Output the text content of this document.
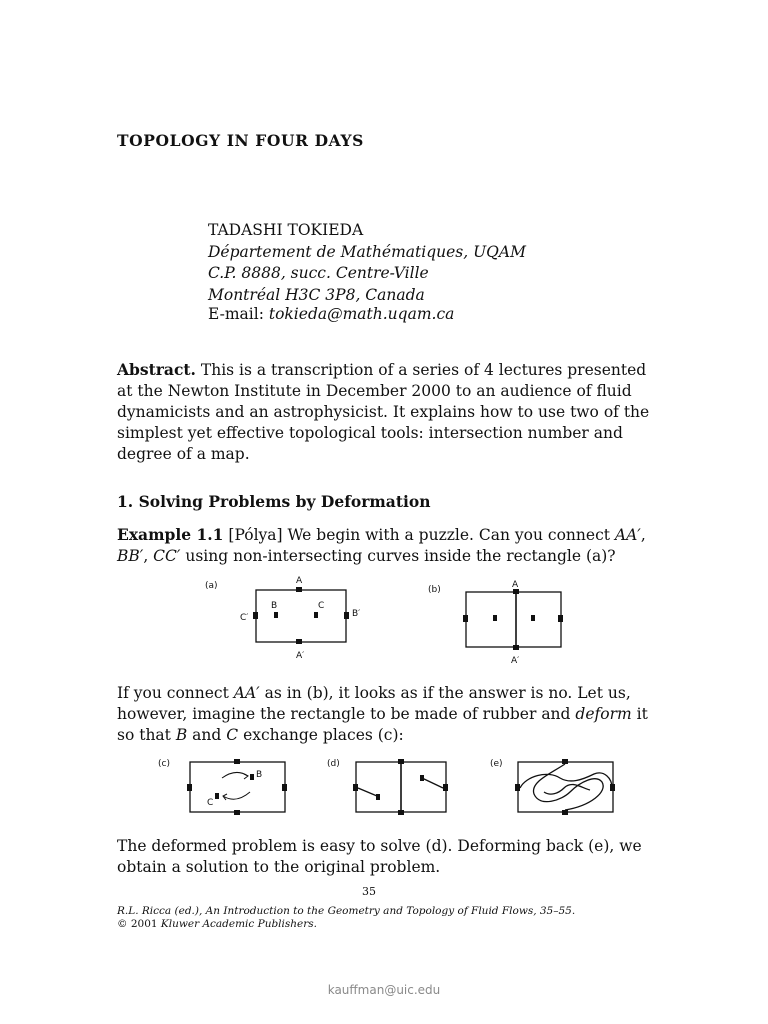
TOPOLOGY IN FOUR DAYS
TADASHI TOKIEDA
Département de Mathématiques, UQAM
C.P. 8888, succ. Centre-Ville
Montréal H3C 3P8, Canada
E-mail: tokieda@math.uqam.ca
Abstract. This is a transcription of a series of 4 lectures presented at the Newton Institute in December 2000 to an audience of fluid dynamicists and an astrophysicist. It explains how to use two of the simplest yet effective topological tools: intersection number and degree of a map.
1. Solving Problems by Deformation
Example 1.1 [Pólya] We begin with a puzzle. Can you connect AA′, BB′, CC′ using non-intersecting curves inside the rectangle (a)?
(a)	A
A′
C′	B′
B	C
(b)	A
A′
If you connect AA′ as in (b), it looks as if the answer is no. Let us, however, imagine the rectangle to be made of rubber and deform it so that B and C exchange places (c):
(c)
B
C
(d)	(e)
The deformed problem is easy to solve (d). Deforming back (e), we obtain a solution to the original problem.
35
R.L. Ricca (ed.), An Introduction to the Geometry and Topology of Fluid Flows, 35–55.
© 2001 Kluwer Academic Publishers.
kauffman@uic.edu
